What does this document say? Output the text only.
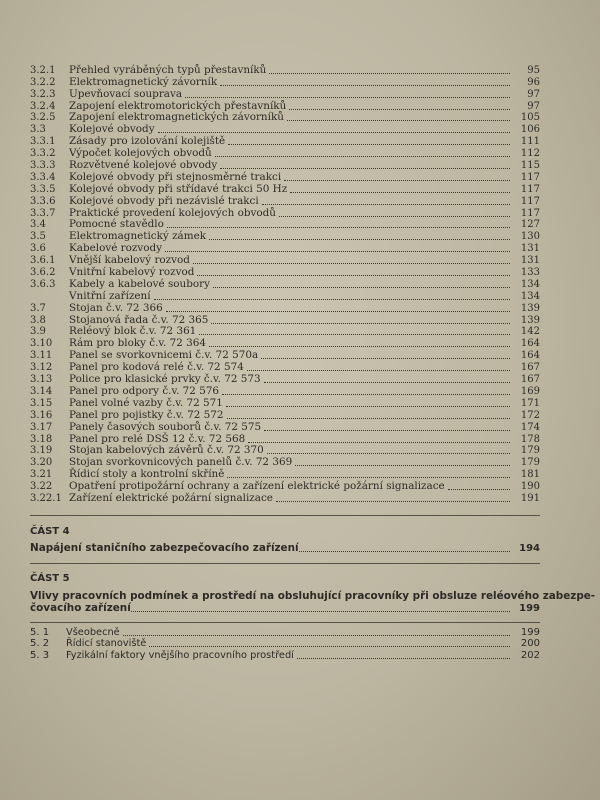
3.2.1	Přehled vyráběných typů přestavníků	95
3.2.2	Elektromagnetický závorník	96
3.2.3	Upevňovací souprava	97
3.2.4	Zapojení elektromotorických přestavníků	97
3.2.5	Zapojení elektromagnetických závorníků	105
3.3	Kolejové obvody	106
3.3.1	Zásady pro izolování kolejiště	111
3.3.2	Výpočet kolejových obvodů	112
3.3.3	Rozvětvené kolejové obvody	115
3.3.4	Kolejové obvody při stejnosměrné trakci	117
3.3.5	Kolejové obvody při střídavé trakci 50 Hz	117
3.3.6	Kolejové obvody při nezávislé trakci	117
3.3.7	Praktické provedení kolejových obvodů	117
3.4	Pomocné stavědlo	127
3.5	Elektromagnetický zámek	130
3.6	Kabelové rozvody	131
3.6.1	Vnější kabelový rozvod	131
3.6.2	Vnitřní kabelový rozvod	133
3.6.3	Kabely a kabelové soubory	134
Vnitřní zařízení	134
3.7	Stojan č.v. 72 366	139
3.8	Stojanová řada č.v. 72 365	139
3.9	Reléový blok č.v. 72 361	142
3.10	Rám pro bloky č.v. 72 364	164
3.11	Panel se svorkovnicemi č.v. 72 570a	164
3.12	Panel pro kodová relé č.v. 72 574	167
3.13	Police pro klasické prvky č.v. 72 573	167
3.14	Panel pro odpory č.v. 72 576	169
3.15	Panel volné vazby č.v. 72 571	171
3.16	Panel pro pojistky č.v. 72 572	172
3.17	Panely časových souborů č.v. 72 575	174
3.18	Panel pro relé DSŠ 12 č.v. 72 568	178
3.19	Stojan kabelových závěrů č.v. 72 370	179
3.20	Stojan svorkovnicových panelů č.v. 72 369	179
3.21	Řídicí stoly a kontrolní skříně	181
3.22	Opatření protipožární ochrany a zařízení elektrické požární signalizace	190
3.22.1 Zařízení elektrické požární signalizace	191
ČÁST 4
Napájení staničního zabezpečovacího zařízení	194
ČÁST 5
Vlivy pracovních podmínek a prostředí na obsluhující pracovníky při obsluze reléového zabezpe-
čovacího zařízení	199
5. 1	Všeobecně	199
5. 2	Řídicí stanoviště	200
5. 3	Fyzikální faktory vnějšího pracovního prostředí	202
